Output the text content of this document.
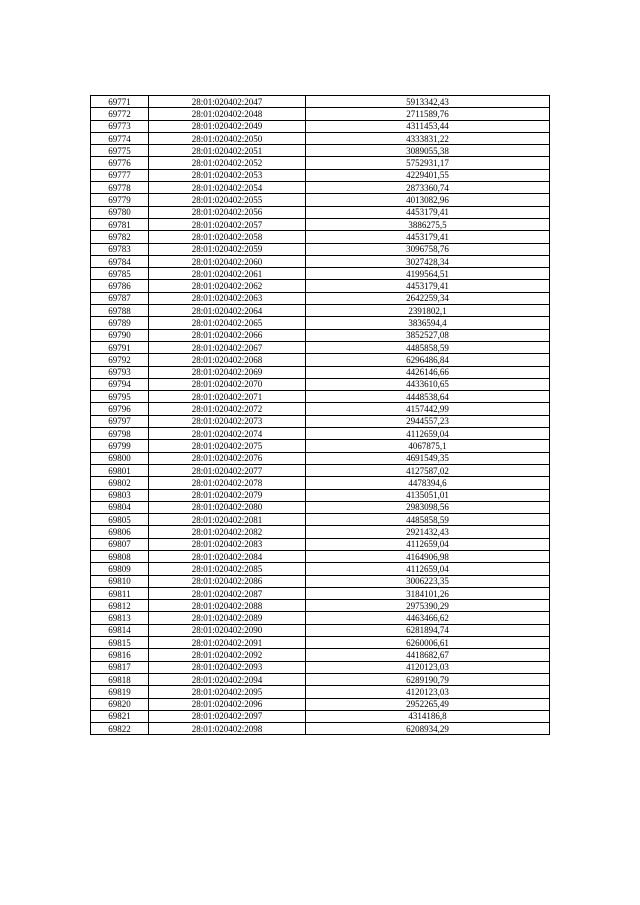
69771	28:01:020402:2047	5913342,43
69772	28:01:020402:2048	2711589,76
69773	28:01:020402:2049	4311453,44
69774	28:01:020402:2050	4333831,22
69775	28:01:020402:2051	3089055,38
69776	28:01:020402:2052	5752931,17
69777	28:01:020402:2053	4229401,55
69778	28:01:020402:2054	2873360,74
69779	28:01:020402:2055	4013082,96
69780	28:01:020402:2056	4453179,41
69781	28:01:020402:2057	3886275,5
69782	28:01:020402:2058	4453179,41
69783	28:01:020402:2059	3096758,76
69784	28:01:020402:2060	3027428,34
69785	28:01:020402:2061	4199564,51
69786	28:01:020402:2062	4453179,41
69787	28:01:020402:2063	2642259,34
69788	28:01:020402:2064	2391802,1
69789	28:01:020402:2065	3836594,4
69790	28:01:020402:2066	3852527,08
69791	28:01:020402:2067	4485858,59
69792	28:01:020402:2068	6296486,84
69793	28:01:020402:2069	4426146,66
69794	28:01:020402:2070	4433610,65
69795	28:01:020402:2071	4448538,64
69796	28:01:020402:2072	4157442,99
69797	28:01:020402:2073	2944557,23
69798	28:01:020402:2074	4112659,04
69799	28:01:020402:2075	4067875,1
69800	28:01:020402:2076	4691549,35
69801	28:01:020402:2077	4127587,02
69802	28:01:020402:2078	4478394,6
69803	28:01:020402:2079	4135051,01
69804	28:01:020402:2080	2983098,56
69805	28:01:020402:2081	4485858,59
69806	28:01:020402:2082	2921432,43
69807	28:01:020402:2083	4112659,04
69808	28:01:020402:2084	4164906,98
69809	28:01:020402:2085	4112659,04
69810	28:01:020402:2086	3006223,35
69811	28:01:020402:2087	3184101,26
69812	28:01:020402:2088	2975390,29
69813	28:01:020402:2089	4463466,62
69814	28:01:020402:2090	6281894,74
69815	28:01:020402:2091	6260006,61
69816	28:01:020402:2092	4418682,67
69817	28:01:020402:2093	4120123,03
69818	28:01:020402:2094	6289190,79
69819	28:01:020402:2095	4120123,03
69820	28:01:020402:2096	2952265,49
69821	28:01:020402:2097	4314186,8
69822	28:01:020402:2098	6208934,29
